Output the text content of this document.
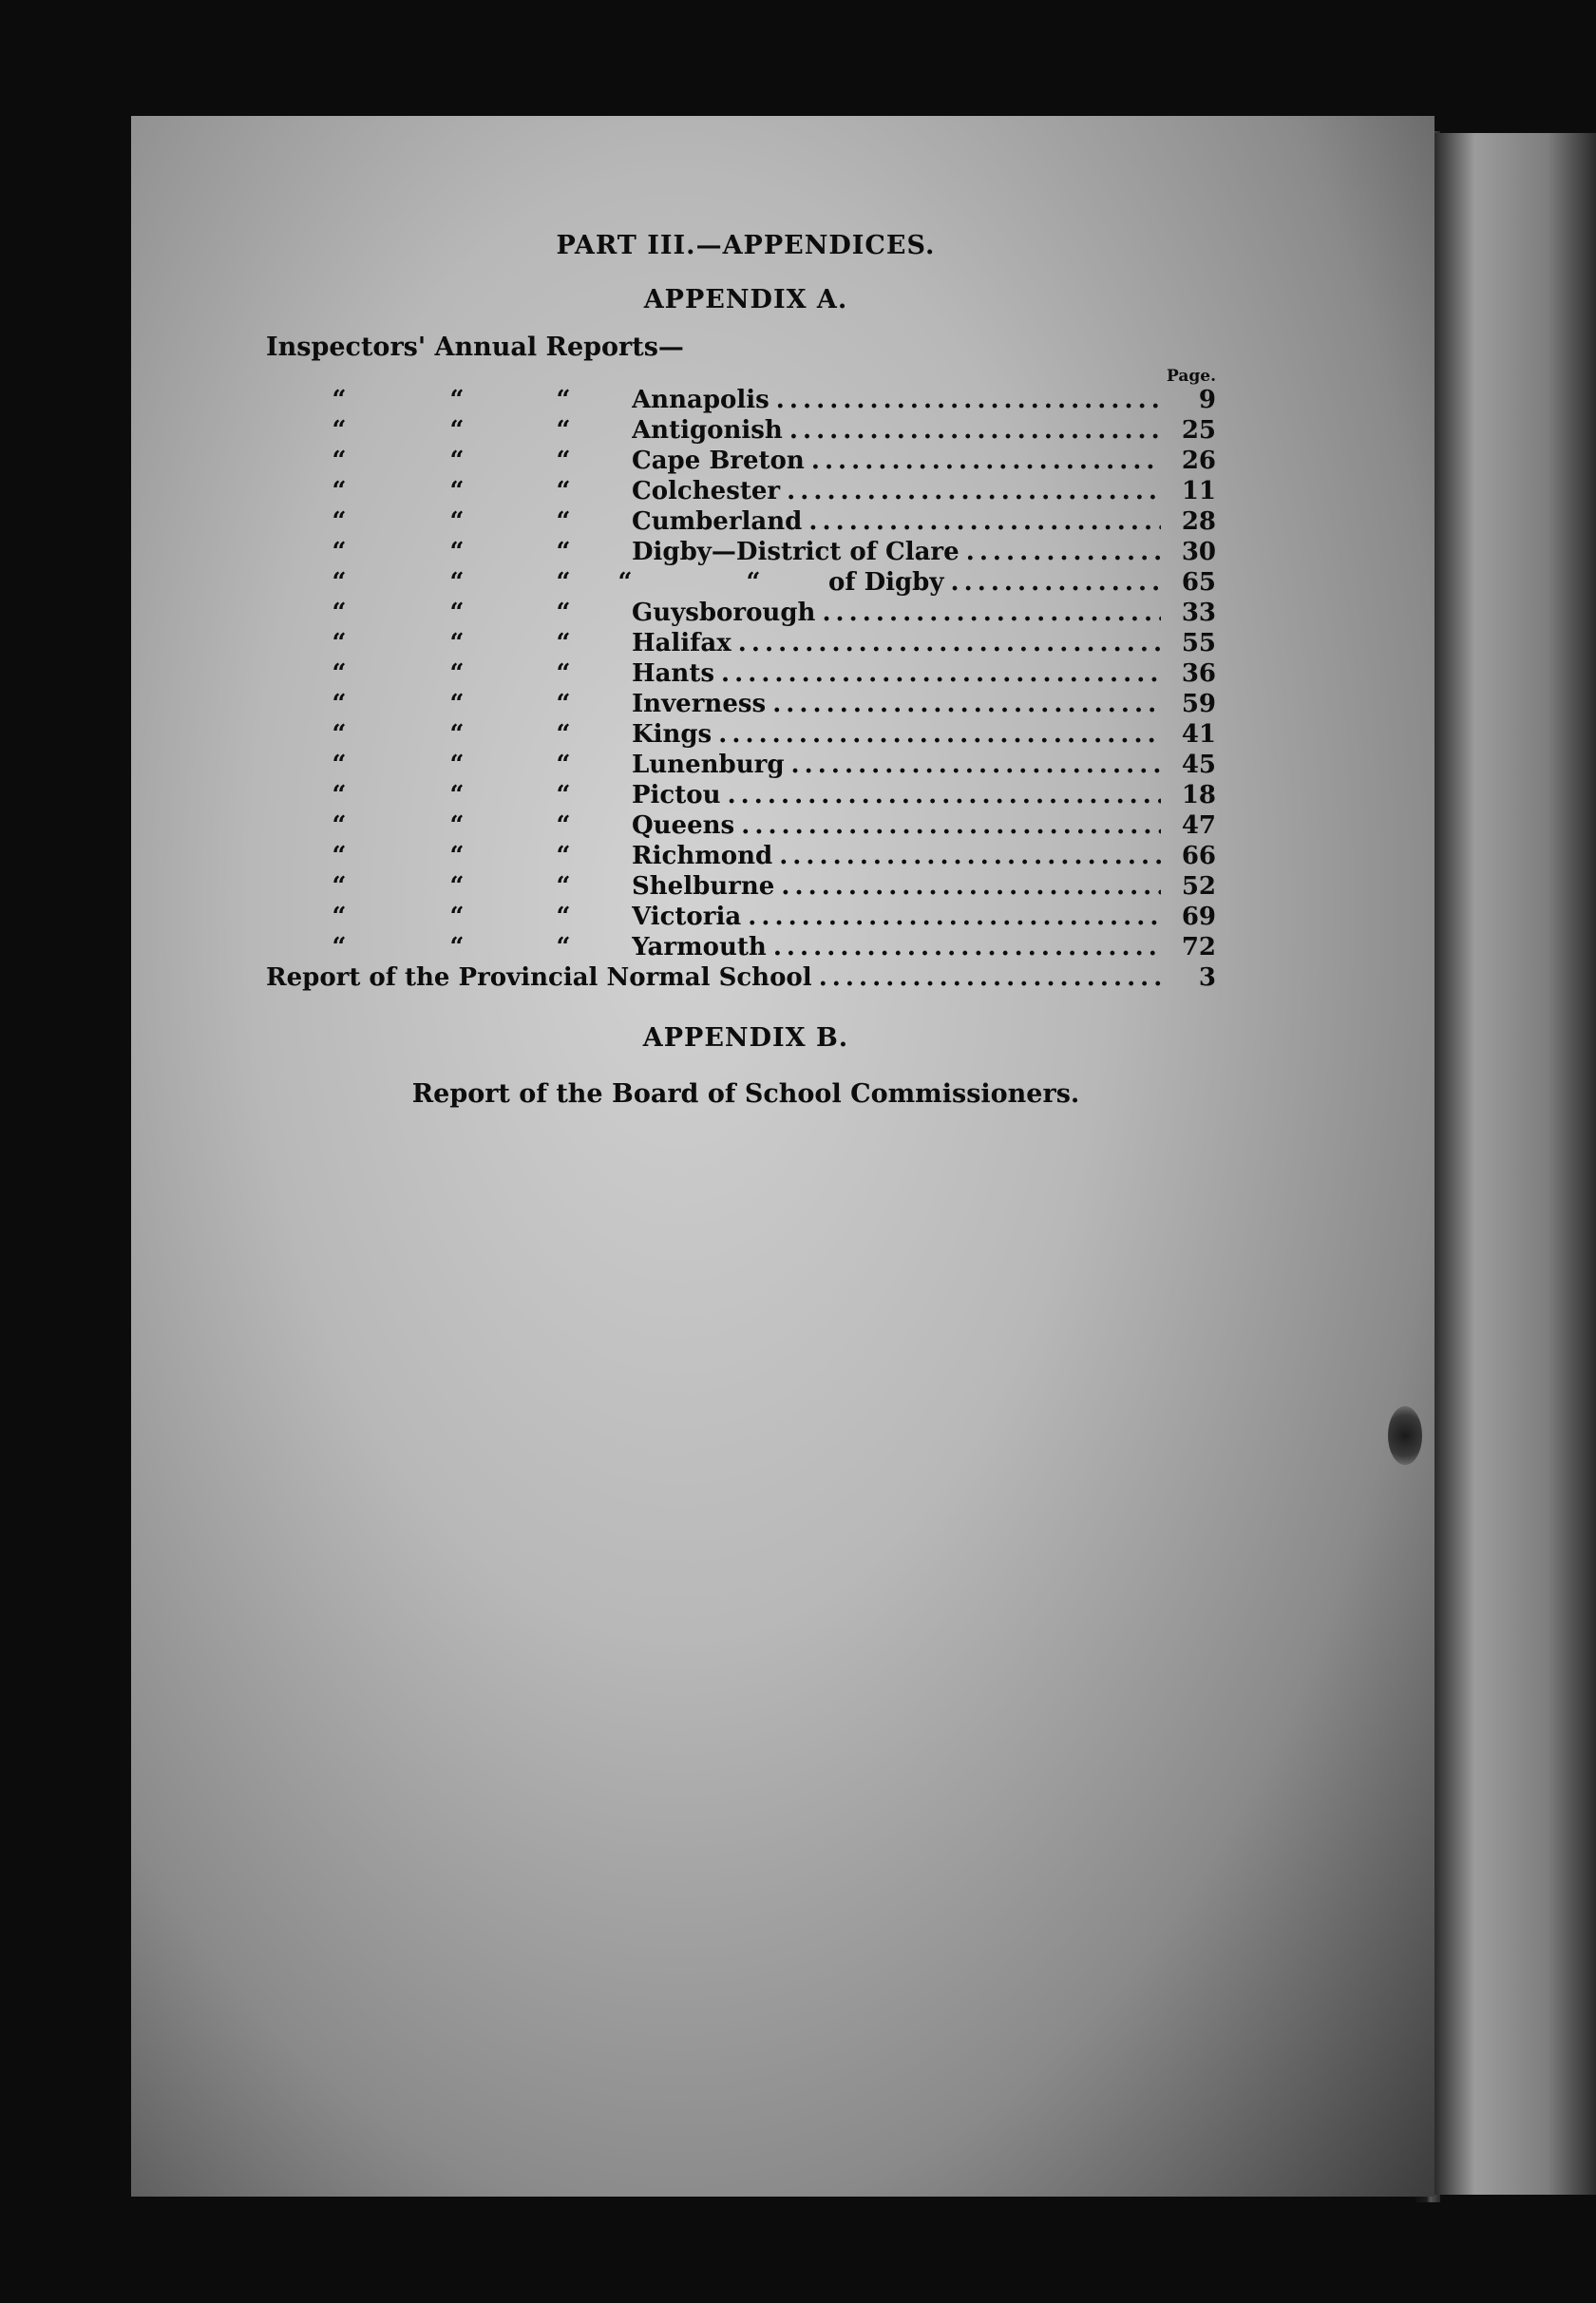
PART III.—APPENDICES.
APPENDIX A.
Inspectors' Annual Reports—
Page.
“	“	“ Annapolis . . .	9
“	“	“ Antigonish . . .	25
“	“	“ Cape Breton . . .	26
“	“	“ Colchester . . .	11
“	“	“ Cumberland . . .	28
“	“	“ Digby—District of Clare . . .	30
“	“	“ “	“	of Digby . . .	65
“	“	“ Guysborough . . .	33
“	“	“ Halifax . . .	55
“	“	“ Hants . . .	36
“	“	“ Inverness . . .	59
“	“	“ Kings . . .	41
“	“	“ Lunenburg . . .	45
“	“	“ Pictou . . .	18
“	“	“ Queens . . .	47
“	“	“ Richmond . . .	66
“	“	“ Shelburne . . .	52
“	“	“ Victoria . . .	69
“	“	“ Yarmouth . . .	72
Report of the Provincial Normal School . . .	3
APPENDIX B.
Report of the Board of School Commissioners.
